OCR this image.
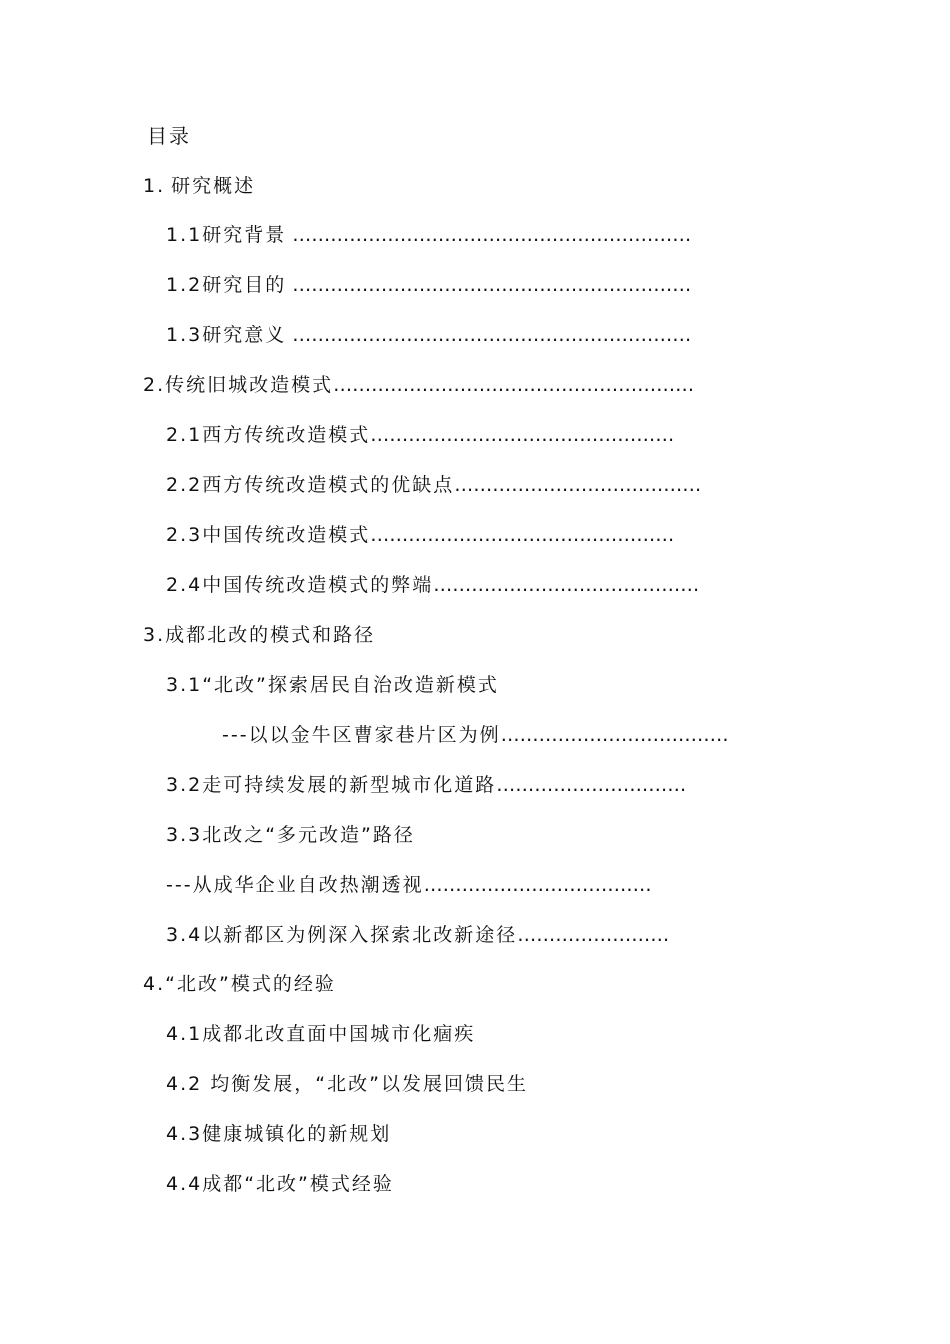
目录
1. 研究概述
1.1研究背景 ………………………………………………………
1.2研究目的 ………………………………………………………
1.3研究意义 ………………………………………………………
2.传统旧城改造模式…………………………………………………
2.1西方传统改造模式…………………………………………
2.2西方传统改造模式的优缺点…………………………………
2.3中国传统改造模式…………………………………………
2.4中国传统改造模式的弊端……………………………………
3.成都北改的模式和路径
3.1“北改”探索居民自治改造新模式
---以以金牛区曹家巷片区为例………………………………
3.2走可持续发展的新型城市化道路…………………………
3.3北改之“多元改造”路径
---从成华企业自改热潮透视………………………………
3.4以新都区为例深入探索北改新途径……………………
4.“北改”模式的经验
4.1成都北改直面中国城市化痼疾
4.2 均衡发展，“北改”以发展回馈民生
4.3健康城镇化的新规划
4.4成都“北改”模式经验
